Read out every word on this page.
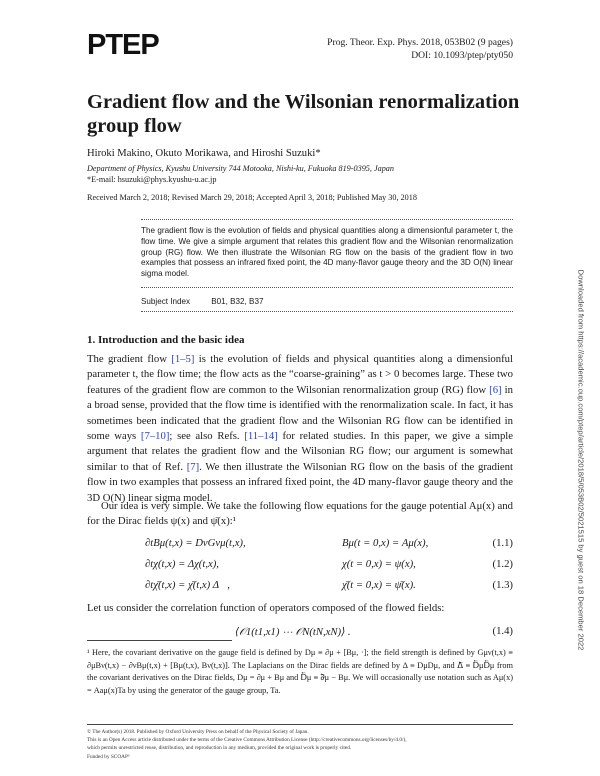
PTEP	Prog. Theor. Exp. Phys. 2018, 053B02 (9 pages)
DOI: 10.1093/ptep/pty050
Gradient flow and the Wilsonian renormalization group flow
Hiroki Makino, Okuto Morikawa, and Hiroshi Suzuki*
Department of Physics, Kyushu University 744 Motooka, Nishi-ku, Fukuoka 819-0395, Japan
*E-mail: hsuzuki@phys.kyushu-u.ac.jp
Received March 2, 2018; Revised March 29, 2018; Accepted April 3, 2018; Published May 30, 2018
The gradient flow is the evolution of fields and physical quantities along a dimensionful parameter t, the flow time. We give a simple argument that relates this gradient flow and the Wilsonian renormalization group (RG) flow. We then illustrate the Wilsonian RG flow on the basis of the gradient flow in two examples that possess an infrared fixed point, the 4D many-flavor gauge theory and the 3D O(N) linear sigma model.
Subject Index	B01, B32, B37
1. Introduction and the basic idea
The gradient flow [1–5] is the evolution of fields and physical quantities along a dimensionful parameter t, the flow time; the flow acts as the “coarse-graining” as t > 0 becomes large. These two features of the gradient flow are common to the Wilsonian renormalization group (RG) flow [6] in a broad sense, provided that the flow time is identified with the renormalization scale. In fact, it has sometimes been indicated that the gradient flow and the Wilsonian RG flow can be identified in some ways [7–10]; see also Refs. [11–14] for related studies. In this paper, we give a simple argument that relates the gradient flow and the Wilsonian RG flow; our argument is somewhat similar to that of Ref. [7]. We then illustrate the Wilsonian RG flow on the basis of the gradient flow in two examples that possess an infrared fixed point, the 4D many-flavor gauge theory and the 3D O(N) linear sigma model.
Our idea is very simple. We take the following flow equations for the gauge potential Aμ(x) and for the Dirac fields ψ(x) and ψ̄(x):¹
∂tBμ(t,x) = DνGνμ(t,x),	Bμ(t = 0,x) = Aμ(x),	(1.1)
∂tχ(t,x) = Δχ(t,x),	χ(t = 0,x) = ψ(x),	(1.2)
∂tχ̄(t,x) = χ̄(t,x) Δ⃖,	χ̄(t = 0,x) = ψ̄(x).	(1.3)
Let us consider the correlation function of operators composed of the flowed fields:
⟨𝒪1(t1,x1) ⋯ 𝒪N(tN,xN)⟩ .	(1.4)
¹ Here, the covariant derivative on the gauge field is defined by Dμ ≡ ∂μ + [Bμ, ·]; the field strength is defined by Gμν(t,x) ≡ ∂μBν(t,x) − ∂νBμ(t,x) + [Bμ(t,x), Bν(t,x)]. The Laplacians on the Dirac fields are defined by Δ ≡ DμDμ, and Δ⃖ ≡ D⃖μD⃖μ from the covariant derivatives on the Dirac fields, Dμ = ∂μ + Bμ and D⃖μ ≡ ∂⃖μ − Bμ. We will occasionally use notation such as Aμ(x) = Aaμ(x)Ta by using the generator of the gauge group, Ta.
© The Author(s) 2018. Published by Oxford University Press on behalf of the Physical Society of Japan.
This is an Open Access article distributed under the terms of the Creative Commons Attribution License (http://creativecommons.org/licenses/by/4.0/),
which permits unrestricted reuse, distribution, and reproduction in any medium, provided the original work is properly cited.
Funded by SCOAP³
Downloaded from https://academic.oup.com/ptep/article/2018/5/053B02/5021515 by guest on 18 December 2022
